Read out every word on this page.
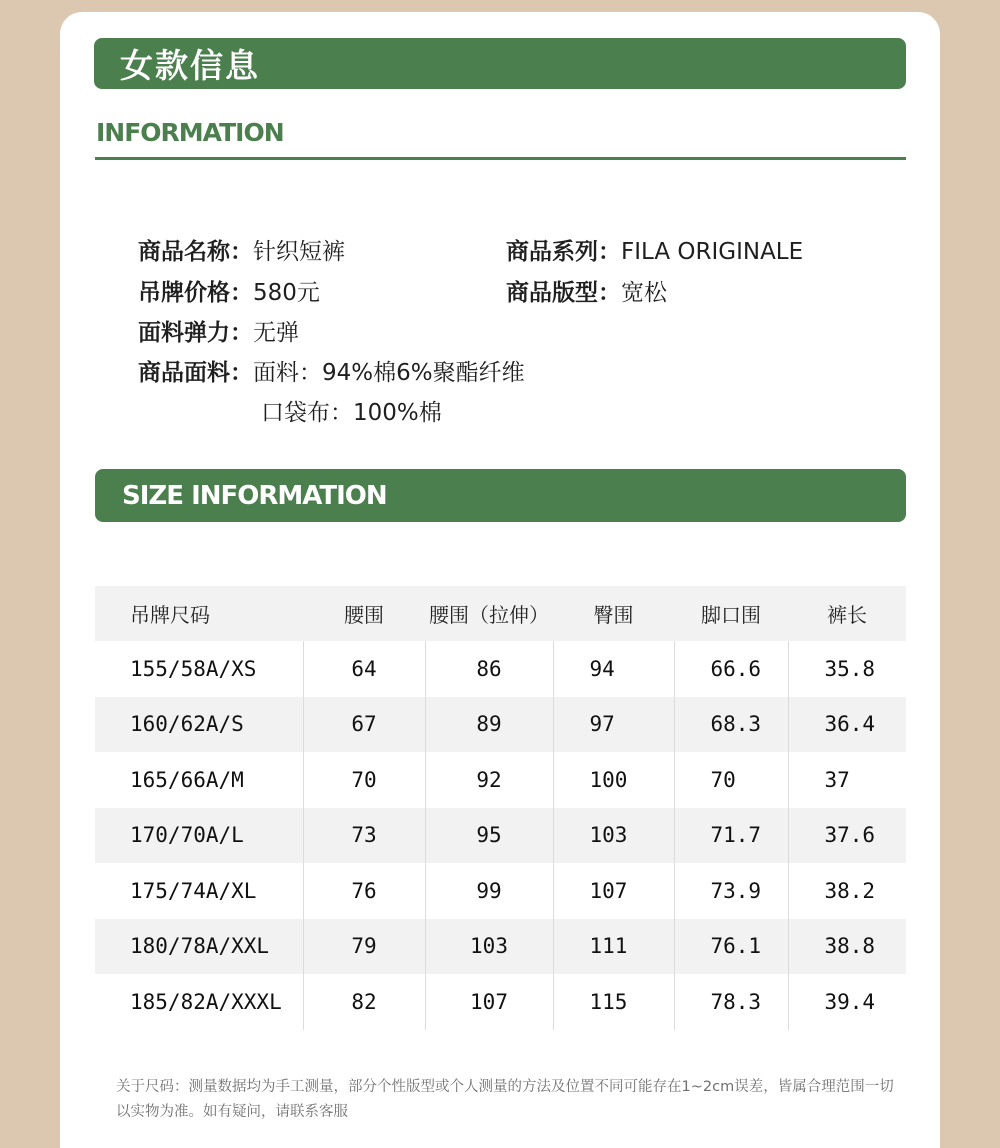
女款信息
INFORMATION
商品名称：针织短裤	商品系列：FILA ORIGINALE
吊牌价格：580元	商品版型：宽松
面料弹力：无弹
商品面料：面料：94%棉6%聚酯纤维
口袋布：100%棉
SIZE INFORMATION
吊牌尺码	腰围	腰围（拉伸）	臀围	脚口围	裤长
155/58A/XS	64	86	94	66.6	35.8
160/62A/S	67	89	97	68.3	36.4
165/66A/M	70	92	100	70	37
170/70A/L	73	95	103	71.7	37.6
175/74A/XL	76	99	107	73.9	38.2
180/78A/XXL	79	103	111	76.1	38.8
185/82A/XXXL	82	107	115	78.3	39.4
关于尺码：测量数据均为手工测量，部分个性版型或个人测量的方法及位置不同可能存在1~2cm误差，皆属合理范围一切以实物为准。如有疑问，请联系客服
